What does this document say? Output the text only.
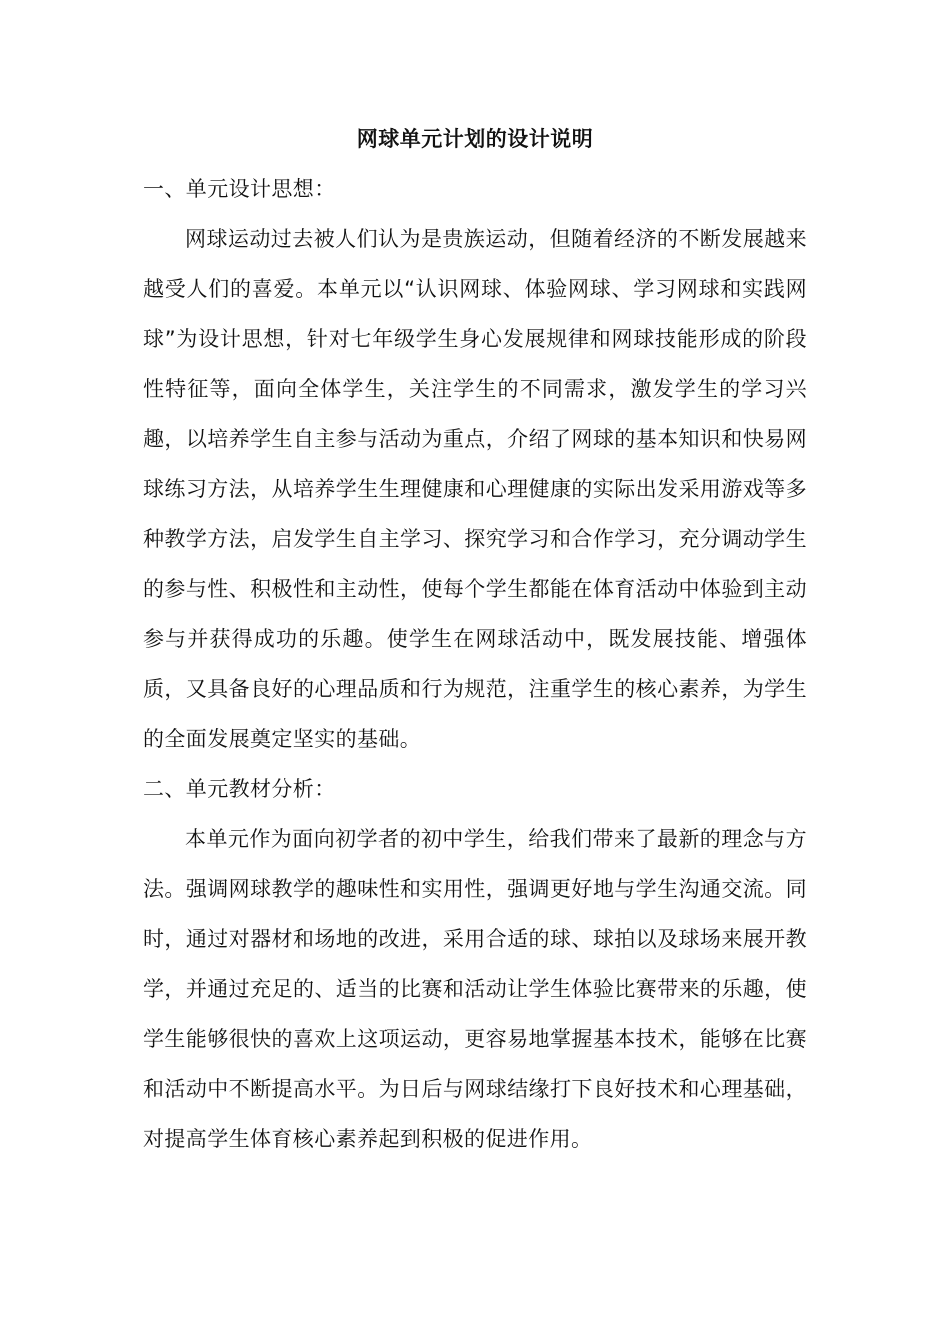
网球单元计划的设计说明

一、单元设计思想：

网球运动过去被人们认为是贵族运动，但随着经济的不断发展越来越受人们的喜爱。本单元以“认识网球、体验网球、学习网球和实践网球”为设计思想，针对七年级学生身心发展规律和网球技能形成的阶段性特征等，面向全体学生，关注学生的不同需求，激发学生的学习兴趣，以培养学生自主参与活动为重点，介绍了网球的基本知识和快易网球练习方法，从培养学生生理健康和心理健康的实际出发采用游戏等多种教学方法，启发学生自主学习、探究学习和合作学习，充分调动学生的参与性、积极性和主动性，使每个学生都能在体育活动中体验到主动参与并获得成功的乐趣。使学生在网球活动中，既发展技能、增强体质，又具备良好的心理品质和行为规范，注重学生的核心素养，为学生的全面发展奠定坚实的基础。

二、单元教材分析：

本单元作为面向初学者的初中学生，给我们带来了最新的理念与方法。强调网球教学的趣味性和实用性，强调更好地与学生沟通交流。同时，通过对器材和场地的改进，采用合适的球、球拍以及球场来展开教学，并通过充足的、适当的比赛和活动让学生体验比赛带来的乐趣，使学生能够很快的喜欢上这项运动，更容易地掌握基本技术，能够在比赛和活动中不断提高水平。为日后与网球结缘打下良好技术和心理基础，对提高学生体育核心素养起到积极的促进作用。
